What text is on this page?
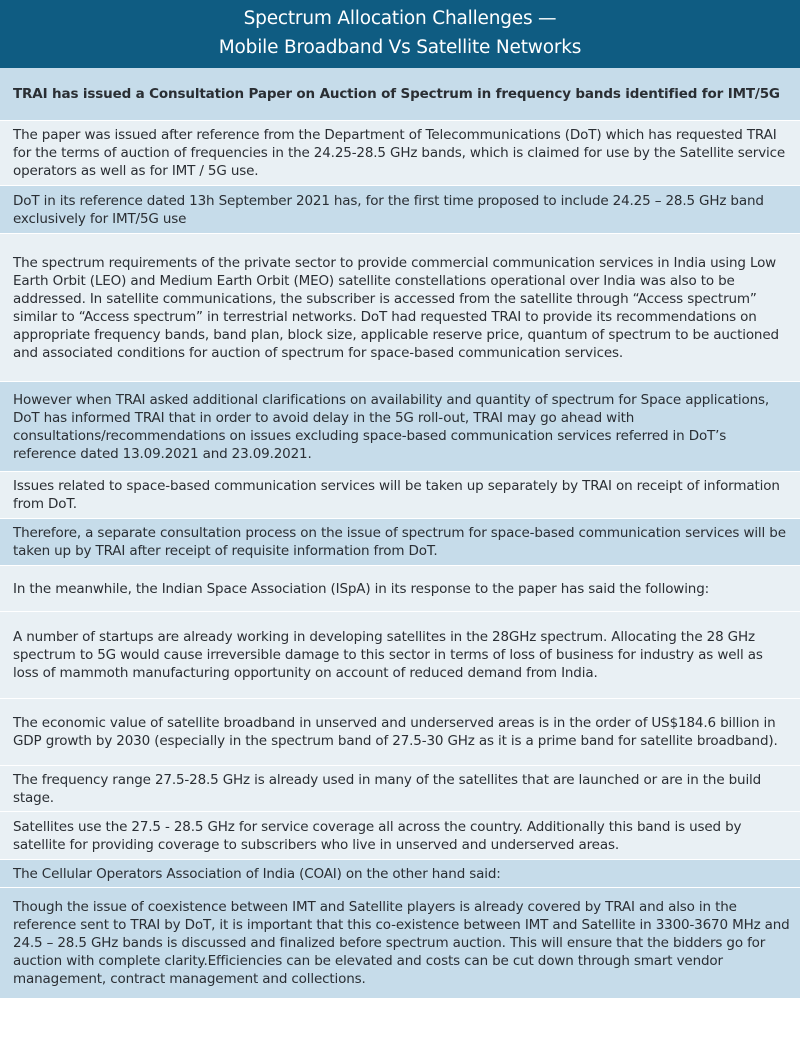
Spectrum Allocation Challenges —
Mobile Broadband Vs Satellite Networks
TRAI has issued a Consultation Paper on Auction of Spectrum in frequency bands identified for IMT/5G
The paper was issued after reference from the Department of Telecommunications (DoT) which has requested TRAI for the terms of auction of frequencies in the 24.25-28.5 GHz bands, which is claimed for use by the Satellite service operators as well as for IMT / 5G use.
DoT in its reference dated 13h September 2021 has, for the first time proposed to include 24.25 – 28.5 GHz band exclusively for IMT/5G use
The spectrum requirements of the private sector to provide commercial communication services in India using Low Earth Orbit (LEO) and Medium Earth Orbit (MEO) satellite constellations operational over India was also to be addressed. In satellite communications, the subscriber is accessed from the satellite through “Access spectrum” similar to “Access spectrum” in terrestrial networks. DoT had requested TRAI to provide its recommendations on appropriate frequency bands, band plan, block size, applicable reserve price, quantum of spectrum to be auctioned and associated conditions for auction of spectrum for space-based communication services.
However when TRAI asked additional clarifications on availability and quantity of spectrum for Space applications, DoT has informed TRAI that in order to avoid delay in the 5G roll-out, TRAI may go ahead with consultations/recommendations on issues excluding space-based communication services referred in DoT’s reference dated 13.09.2021 and 23.09.2021.
Issues related to space-based communication services will be taken up separately by TRAI on receipt of information from DoT.
Therefore, a separate consultation process on the issue of spectrum for space-based communication services will be taken up by TRAI after receipt of requisite information from DoT.
In the meanwhile, the Indian Space Association (ISpA) in its response to the paper has said the following:
A number of startups are already working in developing satellites in the 28GHz spectrum. Allocating the 28 GHz spectrum to 5G would cause irreversible damage to this sector in terms of loss of business for industry as well as loss of mammoth manufacturing opportunity on account of reduced demand from India.
The economic value of satellite broadband in unserved and underserved areas is in the order of US$184.6 billion in GDP growth by 2030 (especially in the spectrum band of 27.5-30 GHz as it is a prime band for satellite broadband).
The frequency range 27.5-28.5 GHz is already used in many of the satellites that are launched or are in the build stage.
Satellites use the 27.5 - 28.5 GHz for service coverage all across the country. Additionally this band is used by satellite for providing coverage to subscribers who live in unserved and underserved areas.
The Cellular Operators Association of India (COAI) on the other hand said:
Though the issue of coexistence between IMT and Satellite players is already covered by TRAI and also in the reference sent to TRAI by DoT, it is important that this co-existence between IMT and Satellite in 3300-3670 MHz and 24.5 – 28.5 GHz bands is discussed and finalized before spectrum auction. This will ensure that the bidders go for auction with complete clarity.Efficiencies can be elevated and costs can be cut down through smart vendor management, contract management and collections.
